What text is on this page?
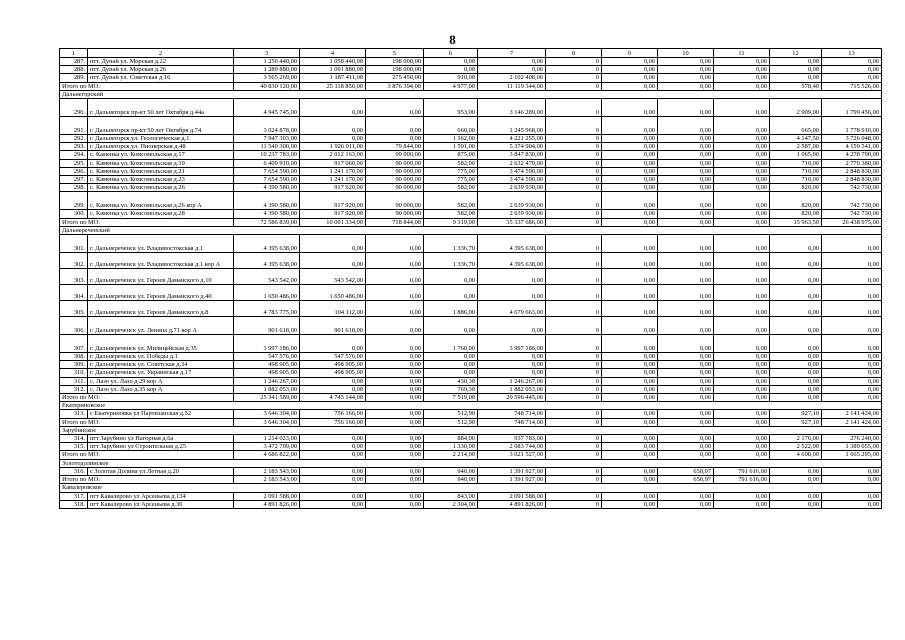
8
1	2	3	4	5	6	7	8	9	10	11	12	13
287.	пгт. Дунай ул. Морская д.22	1 256 440,00	1 058 440,00	198 000,00	0,00	0,00	0	0,00	0,00	0,00	0,00	0,00
288.	пгт. Дунай ул. Морская д.26	1 289 880,00	1 091 880,00	198 000,00	0,00	0,00	0	0,00	0,00	0,00	0,00	0,00
289.	пгт. Дунай ул. Советская д.16	3 565 269,00	1 187 411,00	275 450,00	910,00	2 102 408,00	0	0,00	0,00	0,00	0,00	0,00
Итого по МО:		40 830 120,00	25 118 856,00	3 876 394,00	4 977,00	11 119 344,00	0	0,00	0,00	0,00	578,40	715 526,00
Дальнегорский												
290.	г. Дальнегорск пр-кт 50 лет Октября д.44а	4 945 745,00	0,00	0,00	953,00	3 146 289,00	0	0,00	0,00	0,00	2 909,00	1 799 456,00
291.	г. Дальнегорск пр-кт 50 лет Октября д.74	3 024 878,00	0,00	0,00	660,00	1 245 968,00	0	0,00	0,00	0,00	665,00	1 778 910,00
292.	г. Дальнегорск ул. Геологическая д.1	7 947 303,00	0,00	0,00	1 362,00	4 221 255,00	0	0,00	0,00	0,00	4 147,50	3 726 048,00
293.	г. Дальнегорск ул. Пионерская д.48	11 540 300,00	1 926 011,00	79 844,00	1 591,00	5 374 904,00	0	0,00	0,00	0,00	2 587,00	4 159 541,00
294.	с. Каменка ул. Комсомольская д.17	10 237 783,00	2 012 163,00	99 000,00	875,00	3 847 830,00	0	0,00	0,00	0,00	1 065,00	4 278 790,00
295.	с. Каменка ул. Комсомольская д.19	6 409 910,00	917 060,00	90 000,00	582,00	2 632 470,00	0	0,00	0,00	0,00	710,00	2 770 380,00
296.	с. Каменка ул. Комсомольская д.21	7 654 590,00	1 241 170,00	90 000,00	775,00	3 474 590,00	0	0,00	0,00	0,00	710,00	2 848 830,00
297.	с. Каменка ул. Комсомольская д.23	7 654 590,00	1 241 170,00	90 000,00	775,00	3 474 590,00	0	0,00	0,00	0,00	710,00	2 848 830,00
298.	с. Каменка ул. Комсомольская д.26	4 390 580,00	917 920,00	90 000,00	582,00	2 639 930,00	0	0,00	0,00	0,00	820,00	742 730,00
299.	с. Каменка ул. Комсомольская д.26 кор А	4 390 580,00	917 920,00	90 000,00	582,00	2 639 930,00	0	0,00	0,00	0,00	820,00	742 730,00
300.	с. Каменка ул. Комсомольская д.28	4 390 580,00	917 920,00	90 000,00	582,00	2 639 930,00	0	0,00	0,00	0,00	820,00	742 730,00
Итого по МО:		72 586 839,00	10 091 334,00	718 844,00	9 319,00	35 337 686,00	0	0,00	0,00	0,00	15 963,50	26 438 975,00
Дальнереченский												
301.	г. Дальнереченск ул. Владивостокская д.1	4 395 638,00	0,00	0,00	1 336,70	4 395 638,00	0	0,00	0,00	0,00	0,00	0,00
302.	г. Дальнереченск ул. Владивостокская д.1 кор А	4 395 638,00	0,00	0,00	1 336,70	4 395 638,00	0	0,00	0,00	0,00	0,00	0,00
303.	г. Дальнереченск ул. Героев Даманского д.10	543 542,00	543 542,00	0,00	0,00	0,00	0	0,00	0,00	0,00	0,00	0,00
304.	г. Дальнереченск ул. Героев Даманского д.40	1 650 486,00	1 650 486,00	0,00	0,00	0,00	0	0,00	0,00	0,00	0,00	0,00
305.	г. Дальнереченск ул. Героев Даманского д.8	4 783 775,00	104 112,00	0,00	1 886,00	4 679 663,00	0	0,00	0,00	0,00	0,00	0,00
306.	г. Дальнереченск ул. Ленина д.71 кор А	901 618,00	901 618,00	0,00	0,00	0,00	0	0,00	0,00	0,00	0,00	0,00
307.	г. Дальнереченск ул. Милицейская д.35	3 997 186,00	0,00	0,00	1 760,00	3 997 186,00	0	0,00	0,00	0,00	0,00	0,00
308.	г. Дальнереченск ул. Победы д.1	547 576,00	547 576,00	0,00	0,00	0,00	0	0,00	0,00	0,00	0,00	0,00
309.	г. Дальнереченск ул. Советская д.34	498 905,00	498 905,00	0,00	0,00	0,00	0	0,00	0,00	0,00	0,00	0,00
310.	г. Дальнереченск ул. Украинская д.17	498 905,00	498 905,00	0,00	0,00	0,00	0	0,00	0,00	0,00	0,00	0,00
311.	с. Лазо ул. Лазо д.29 кор А	1 246 267,00	0,00	0,00	430,30	1 246 267,00	0	0,00	0,00	0,00	0,00	0,00
312.	с. Лазо ул. Лазо д.35 кор А	1 882 053,00	0,00	0,00	769,30	1 882 053,00	0	0,00	0,00	0,00	0,00	0,00
Итого по МО:		25 341 589,00	4 745 144,00	0,00	7 519,00	20 596 445,00	0	0,00	0,00	0,00	0,00	0,00
Екатериновское												
313.	с Екатериновка ул Партизанская д.52	3 646 304,00	756 166,00	0,00	512,90	748 714,00	0	0,00	0,00	0,00	927,10	2 141 424,00
Итого по МО:		3 646 304,00	756 166,00	0,00	512,90	748 714,00	0	0,00	0,00	0,00	927,10	2 141 424,00
Зарубинское												
314.	пгт Зарубино ул Нагорная д.6а	1 214 023,00	0,00	0,00	884,00	937 783,00	0	0,00	0,00	0,00	2 176,00	276 240,00
315.	пгт Зарубино ул Строительная д.25	3 472 799,00	0,00	0,00	1 330,00	2 083 744,00	0	0,00	0,00	0,00	2 522,00	1 389 055,00
Итого по МО:		4 686 822,00	0,00	0,00	2 214,00	3 021 527,00	0	0,00	0,00	0,00	4 698,00	1 665 295,00
Золотодолинское												
316.	с Золотая Долина ул Летная д.20	2 183 543,00	0,00	0,00	940,00	1 391 927,00	0	0,00	650,97	791 616,00	0,00	0,00
Итого по МО:		2 183 543,00	0,00	0,00	940,00	1 391 927,00	0	0,00	650,97	791 616,00	0,00	0,00
Кавалеровское												
317.	пгт Кавалерово ул Арсеньева д.134	2 091 588,00	0,00	0,00	843,00	2 091 588,00	0	0,00	0,00	0,00	0,00	0,00
318.	пгт Кавалерово ул Арсеньева д.36	4 891 826,00	0,00	0,00	2 304,00	4 891 826,00	0	0,00	0,00	0,00	0,00	0,00
